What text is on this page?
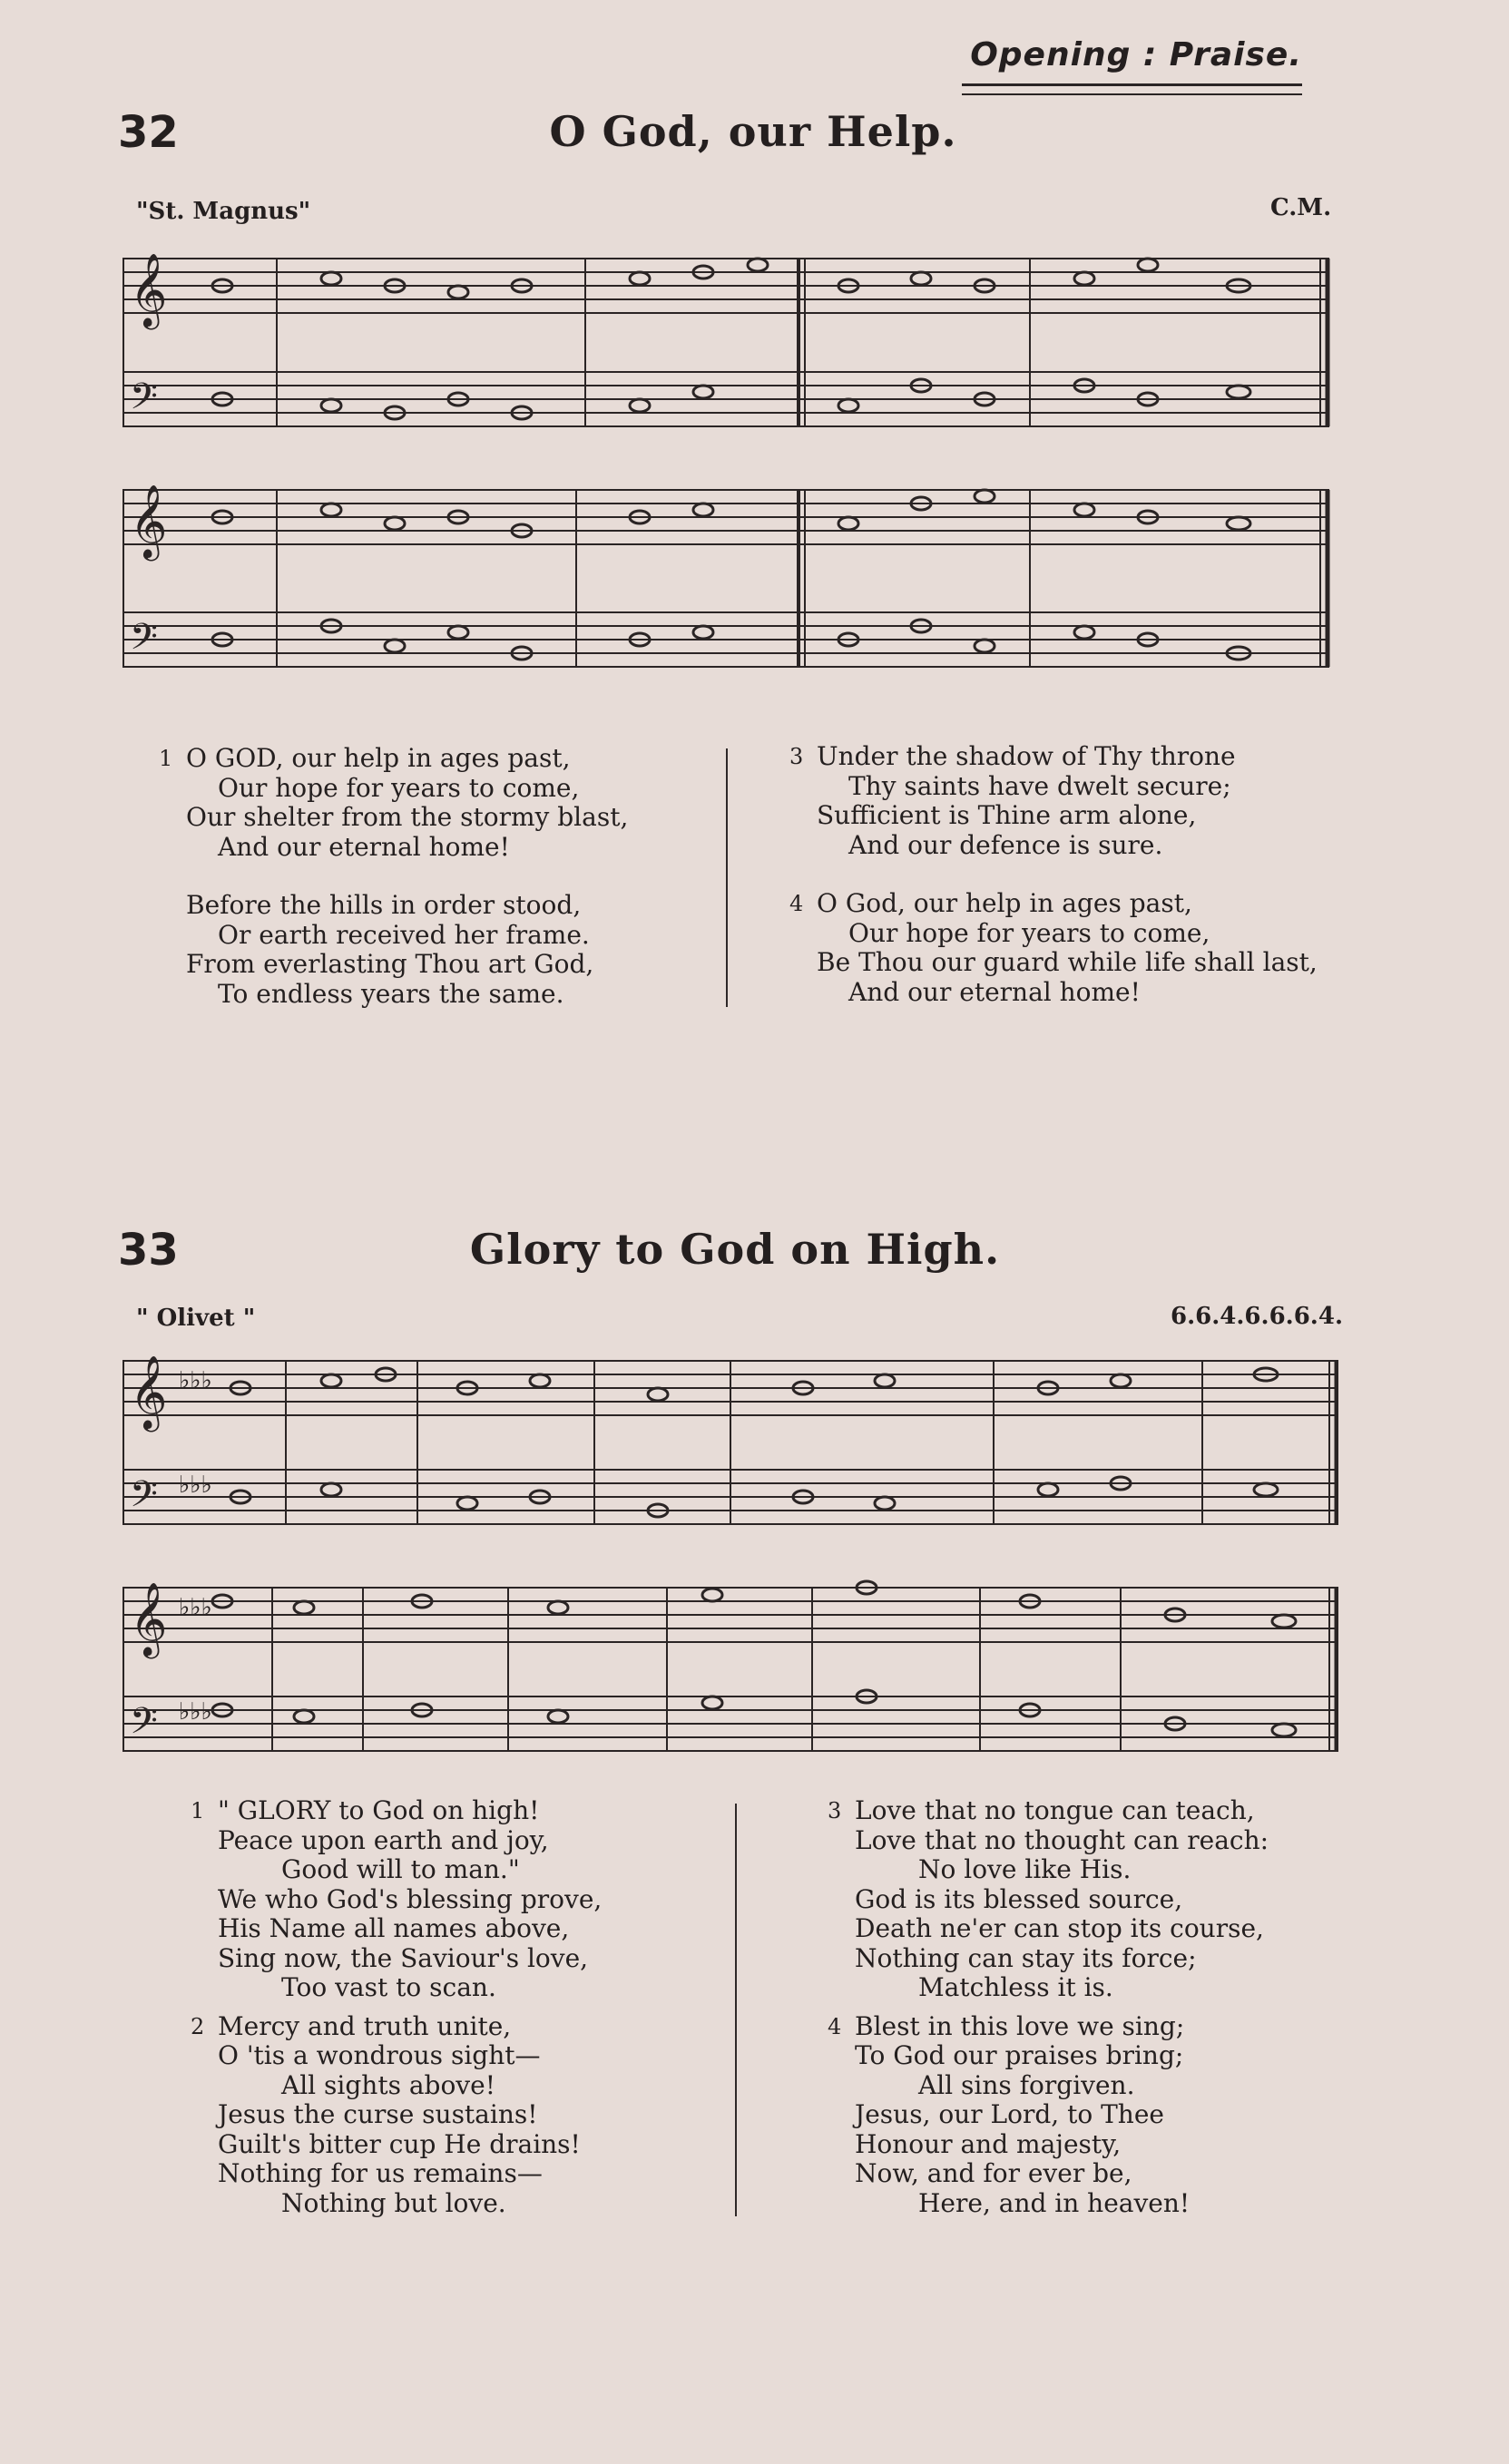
Opening : Praise.
32	O God, our Help.
"St. Magnus"	C.M.
𝄞
𝄢
𝄞
𝄢
1 O GOD, our help in ages past,
Our hope for years to come,
Our shelter from the stormy blast,
And our eternal home!
Before the hills in order stood,
Or earth received her frame.
From everlasting Thou art God,
To endless years the same.
3 Under the shadow of Thy throne
Thy saints have dwelt secure;
Sufficient is Thine arm alone,
And our defence is sure.
4 O God, our help in ages past,
Our hope for years to come,
Be Thou our guard while life shall last,
And our eternal home!
33	Glory to God on High.
" Olivet "	6.6.4.6.6.6.4.
𝄞
𝄢
𝄞
𝄢
♭♭♭
♭♭♭
♭♭♭
♭♭♭
1 " GLORY to God on high!
Peace upon earth and joy,
Good will to man."
We who God's blessing prove,
His Name all names above,
Sing now, the Saviour's love,
Too vast to scan.
2 Mercy and truth unite,
O 'tis a wondrous sight—
All sights above!
Jesus the curse sustains!
Guilt's bitter cup He drains!
Nothing for us remains—
Nothing but love.
3 Love that no tongue can teach,
Love that no thought can reach:
No love like His.
God is its blessed source,
Death ne'er can stop its course,
Nothing can stay its force;
Matchless it is.
4 Blest in this love we sing;
To God our praises bring;
All sins forgiven.
Jesus, our Lord, to Thee
Honour and majesty,
Now, and for ever be,
Here, and in heaven!
